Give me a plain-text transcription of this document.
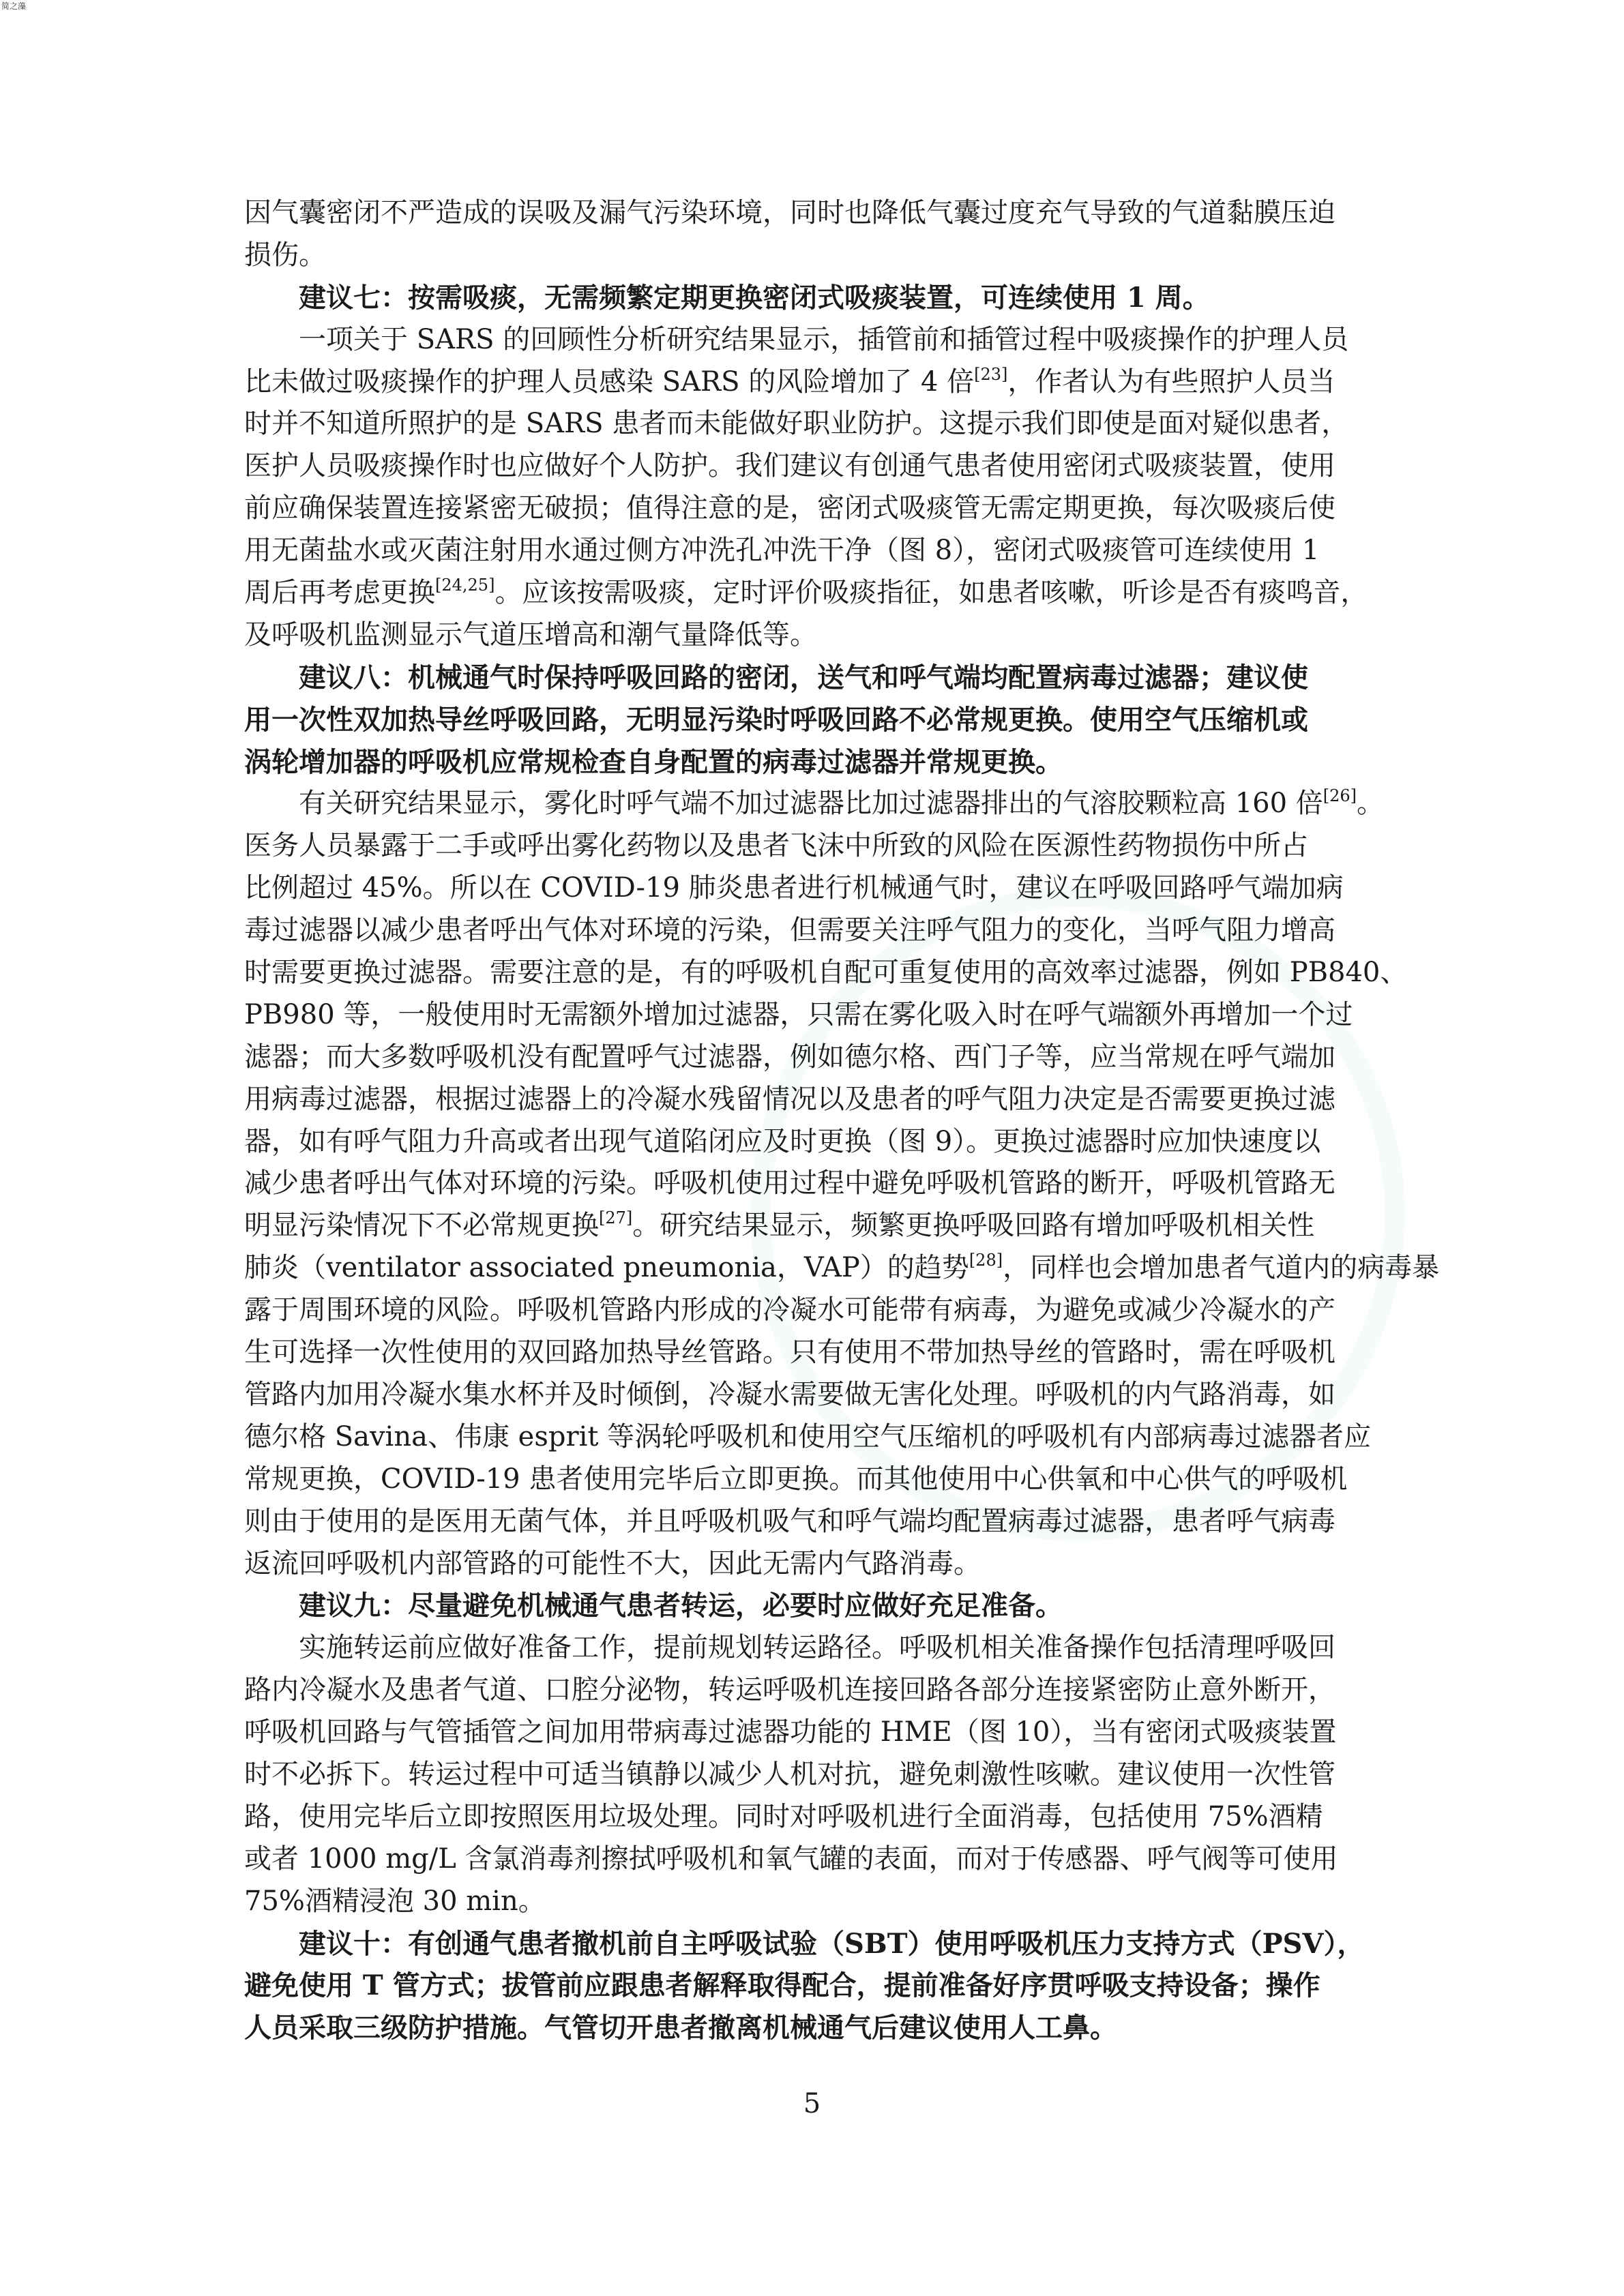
简之藻
因气囊密闭不严造成的误吸及漏气污染环境，同时也降低气囊过度充气导致的气道黏膜压迫
损伤。
建议七：按需吸痰，无需频繁定期更换密闭式吸痰装置，可连续使用 1 周。
一项关于 SARS 的回顾性分析研究结果显示，插管前和插管过程中吸痰操作的护理人员
比未做过吸痰操作的护理人员感染 SARS 的风险增加了 4 倍[23]，作者认为有些照护人员当
时并不知道所照护的是 SARS 患者而未能做好职业防护。这提示我们即使是面对疑似患者，
医护人员吸痰操作时也应做好个人防护。我们建议有创通气患者使用密闭式吸痰装置，使用
前应确保装置连接紧密无破损；值得注意的是，密闭式吸痰管无需定期更换，每次吸痰后使
用无菌盐水或灭菌注射用水通过侧方冲洗孔冲洗干净（图 8），密闭式吸痰管可连续使用 1
周后再考虑更换[24,25]。应该按需吸痰，定时评价吸痰指征，如患者咳嗽，听诊是否有痰鸣音，
及呼吸机监测显示气道压增高和潮气量降低等。
建议八：机械通气时保持呼吸回路的密闭，送气和呼气端均配置病毒过滤器；建议使
用一次性双加热导丝呼吸回路，无明显污染时呼吸回路不必常规更换。使用空气压缩机或
涡轮增加器的呼吸机应常规检查自身配置的病毒过滤器并常规更换。
有关研究结果显示，雾化时呼气端不加过滤器比加过滤器排出的气溶胶颗粒高 160 倍[26]。
医务人员暴露于二手或呼出雾化药物以及患者飞沫中所致的风险在医源性药物损伤中所占
比例超过 45%。所以在 COVID-19 肺炎患者进行机械通气时，建议在呼吸回路呼气端加病
毒过滤器以减少患者呼出气体对环境的污染，但需要关注呼气阻力的变化，当呼气阻力增高
时需要更换过滤器。需要注意的是，有的呼吸机自配可重复使用的高效率过滤器，例如 PB840、
PB980 等，一般使用时无需额外增加过滤器，只需在雾化吸入时在呼气端额外再增加一个过
滤器；而大多数呼吸机没有配置呼气过滤器，例如德尔格、西门子等，应当常规在呼气端加
用病毒过滤器，根据过滤器上的冷凝水残留情况以及患者的呼气阻力决定是否需要更换过滤
器，如有呼气阻力升高或者出现气道陷闭应及时更换（图 9）。更换过滤器时应加快速度以
减少患者呼出气体对环境的污染。呼吸机使用过程中避免呼吸机管路的断开，呼吸机管路无
明显污染情况下不必常规更换[27]。研究结果显示，频繁更换呼吸回路有增加呼吸机相关性
肺炎（ventilator associated pneumonia，VAP）的趋势[28]，同样也会增加患者气道内的病毒暴
露于周围环境的风险。呼吸机管路内形成的冷凝水可能带有病毒，为避免或减少冷凝水的产
生可选择一次性使用的双回路加热导丝管路。只有使用不带加热导丝的管路时，需在呼吸机
管路内加用冷凝水集水杯并及时倾倒，冷凝水需要做无害化处理。呼吸机的内气路消毒，如
德尔格 Savina、伟康 esprit 等涡轮呼吸机和使用空气压缩机的呼吸机有内部病毒过滤器者应
常规更换，COVID-19 患者使用完毕后立即更换。而其他使用中心供氧和中心供气的呼吸机
则由于使用的是医用无菌气体，并且呼吸机吸气和呼气端均配置病毒过滤器，患者呼气病毒
返流回呼吸机内部管路的可能性不大，因此无需内气路消毒。
建议九：尽量避免机械通气患者转运，必要时应做好充足准备。
实施转运前应做好准备工作，提前规划转运路径。呼吸机相关准备操作包括清理呼吸回
路内冷凝水及患者气道、口腔分泌物，转运呼吸机连接回路各部分连接紧密防止意外断开，
呼吸机回路与气管插管之间加用带病毒过滤器功能的 HME（图 10），当有密闭式吸痰装置
时不必拆下。转运过程中可适当镇静以减少人机对抗，避免刺激性咳嗽。建议使用一次性管
路，使用完毕后立即按照医用垃圾处理。同时对呼吸机进行全面消毒，包括使用 75%酒精
或者 1000 mg/L 含氯消毒剂擦拭呼吸机和氧气罐的表面，而对于传感器、呼气阀等可使用
75%酒精浸泡 30 min。
建议十：有创通气患者撤机前自主呼吸试验（SBT）使用呼吸机压力支持方式（PSV），
避免使用 T 管方式；拔管前应跟患者解释取得配合，提前准备好序贯呼吸支持设备；操作
人员采取三级防护措施。气管切开患者撤离机械通气后建议使用人工鼻。
5
